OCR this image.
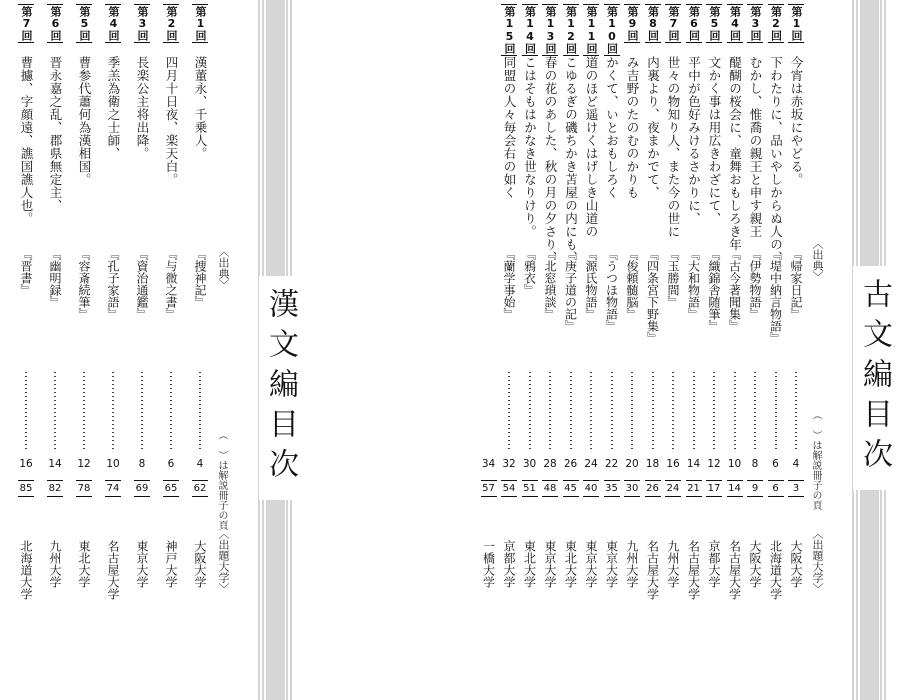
漢文編目次
（　）は解説冊子の頁
〈出典〉
〈出題大学〉
第1回
漢董永、千乗人。
『捜神記』
4
62
大阪大学
第2回
四月十日夜、楽天白。
『与微之書』
6
65
神戸大学
第3回
長楽公主将出降。
『資治通鑑』
8
69
東京大学
第4回
季羔為衛之士師、
『孔子家語』
10
74
名古屋大学
第5回
曹参代蕭何為漢相国。
『容斎続筆』
12
78
東北大学
第6回
晋永嘉之乱、郡県無定主、
『幽明録』
14
82
九州大学
第7回
曹攄、字顔遠、譙国譙人也。
『晋書』
16
85
北海道大学
古文編目次
（　）は解説冊子の頁
〈出典〉
〈出題大学〉
第1回
今宵は赤坂にやどる。
『帰家日記』
4
3
大阪大学
第2回
下わたりに、品いやしからぬ人の、
『堤中納言物語』
6
6
北海道大学
第3回
むかし、惟喬の親王と申す親王
『伊勢物語』
8
9
大阪大学
第4回
醍醐の桜会に、童舞おもしろき年
『古今著聞集』
10
14
名古屋大学
第5回
文かく事は用広きわざにて、
『織錦舎随筆』
12
17
京都大学
第6回
平中が色好みけるさかりに、
『大和物語』
14
21
名古屋大学
第7回
世々の物知り人、また今の世に
『玉勝間』
16
24
九州大学
第8回
内裏より、夜まかでて、
『四条宮下野集』
18
26
名古屋大学
第9回
み吉野のたのむのかりも
『俊頼髄脳』
20
30
九州大学
第10回
かくて、いとおもしろく
『うつほ物語』
22
35
東京大学
第11回
道のほど遥けくはげしき山道の
『源氏物語』
24
40
東京大学
第12回
こゆるぎの磯ちかき苫屋の内にも、
『庚子道の記』
26
45
東北大学
第13回
春の花のあした、秋の月の夕さり、
『北窓瑣談』
28
48
東京大学
第14回
こはそもはかなき世なりけり。
『鴉衣』
30
51
東北大学
第15回
同盟の人々毎会右の如く
『蘭学事始』
32
54
京都大学
34
57
一橋大学
